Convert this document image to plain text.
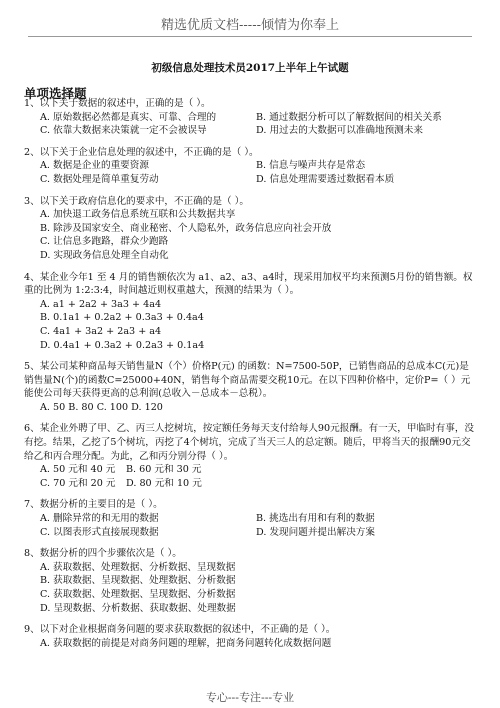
精选优质文档-----倾情为你奉上
初级信息处理技术员2017上半年上午试题
单项选择题

1、以下关于数据的叙述中，正确的是（ ）。

A. 原始数据必然都是真实、可靠、合理的	B. 通过数据分析可以了解数据间的相关关系
C. 依靠大数据来决策就一定不会被误导	D. 用过去的大数据可以准确地预测未来

2、以下关于企业信息处理的叙述中，不正确的是（ ）。

A. 数据是企业的重要资源	B. 信息与噪声共存是常态
C. 数据处理是简单重复劳动	D. 信息处理需要透过数据看本质

3、以下关于政府信息化的要求中，不正确的是（ ）。

A. 加快退工政务信息系统互联和公共数据共享
B. 除涉及国家安全、商业秘密、个人隐私外，政务信息应向社会开放
C. 让信息多跑路，群众少跑路
D. 实现政务信息处理全自动化

4、某企业今年1 至 4 月的销售额依次为 a1、a2、a3、a4时，现采用加权平均来预测5月份的销售额。权重的比例为 1:2:3:4，时间越近则权重越大，预测的结果为（ ）。

A. a1 + 2a2 + 3a3 + 4a4
B. 0.1a1 + 0.2a2 + 0.3a3 + 0.4a4
C. 4a1 + 3a2 + 2a3 + a4
D. 0.4a1 + 0.3a2 + 0.2a3 + 0.1a4

5、某公司某种商品每天销售量N（个）价格P(元) 的函数：N=7500-50P，已销售商品的总成本C(元)是销售量N(个)的函数C=25000+40N，销售每个商品需要交税10元。在以下四种价格中，定价P=（ ）元能使公司每天获得更高的总利润(总收入－总成本－总税）。

A. 50 B. 80 C. 100 D. 120

6、某企业外聘了甲、乙、丙三人挖树坑，按定额任务每天支付给每人90元报酬。有一天，甲临时有事，没有挖。结果，乙挖了5个树坑，丙挖了4个树坑，完成了当天三人的总定额。随后，甲将当天的报酬90元交给乙和丙合理分配。为此，乙和丙分别分得（ ）。

A. 50 元和 40 元	B. 60 元和 30 元
C. 70 元和 20 元	D. 80 元和 10 元

7、数据分析的主要目的是（ ）。

A. 删除异常的和无用的数据	B. 挑选出有用和有利的数据
C. 以图表形式直接展现数据	D. 发现问题并提出解决方案

8、数据分析的四个步骤依次是（ ）。

A. 获取数据、处理数据、分析数据、呈现数据
B. 获取数据、呈现数据、处理数据、分析数据
C. 获取数据、处理数据、呈现数据、分析数据
D. 呈现数据、分析数据、获取数据、处理数据

9、以下对企业根据商务问题的要求获取数据的叙述中，不正确的是（ ）。

A. 获取数据的前提是对商务问题的理解，把商务问题转化成数据问题
专心---专注---专业
